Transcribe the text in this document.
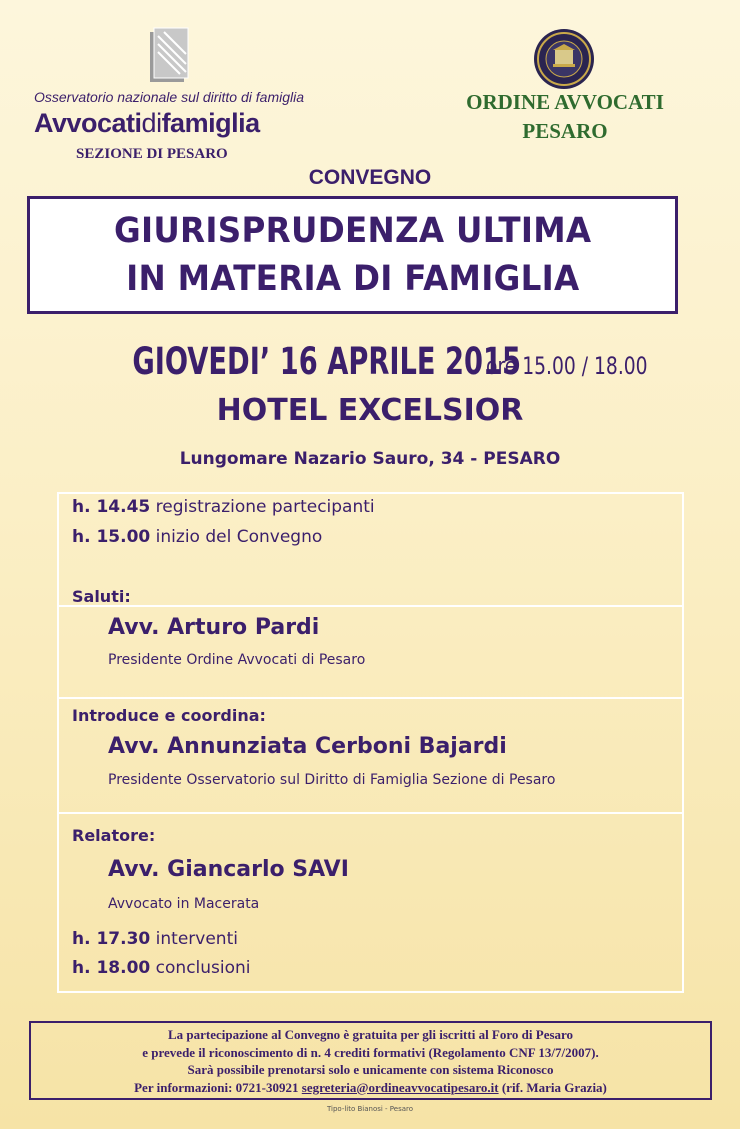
Osservatorio nazionale sul diritto di famiglia
Avvocatidifamiglia
SEZIONE DI PESARO
ORDINE AVVOCATI
PESARO
CONVEGNO
GIURISPRUDENZA ULTIMA
IN MATERIA DI FAMIGLIA
GIOVEDI’ 16 APRILE 2015 ore 15.00 / 18.00
HOTEL EXCELSIOR
Lungomare Nazario Sauro, 34 - PESARO
h. 14.45 registrazione partecipanti
h. 15.00 inizio del Convegno
Saluti:
Avv. Arturo Pardi
Presidente Ordine Avvocati di Pesaro
Introduce e coordina:
Avv. Annunziata Cerboni Bajardi
Presidente Osservatorio sul Diritto di Famiglia Sezione di Pesaro
Relatore:
Avv. Giancarlo SAVI
Avvocato in Macerata
h. 17.30 interventi
h. 18.00 conclusioni
La partecipazione al Convegno è gratuita per gli iscritti al Foro di Pesaro
e prevede il riconoscimento di n. 4 crediti formativi (Regolamento CNF 13/7/2007).
Sarà possibile prenotarsi solo e unicamente con sistema Riconosco
Per informazioni: 0721-30921 segreteria@ordineavvocatipesaro.it (rif. Maria Grazia)
Tipo-lito Bianosi - Pesaro
